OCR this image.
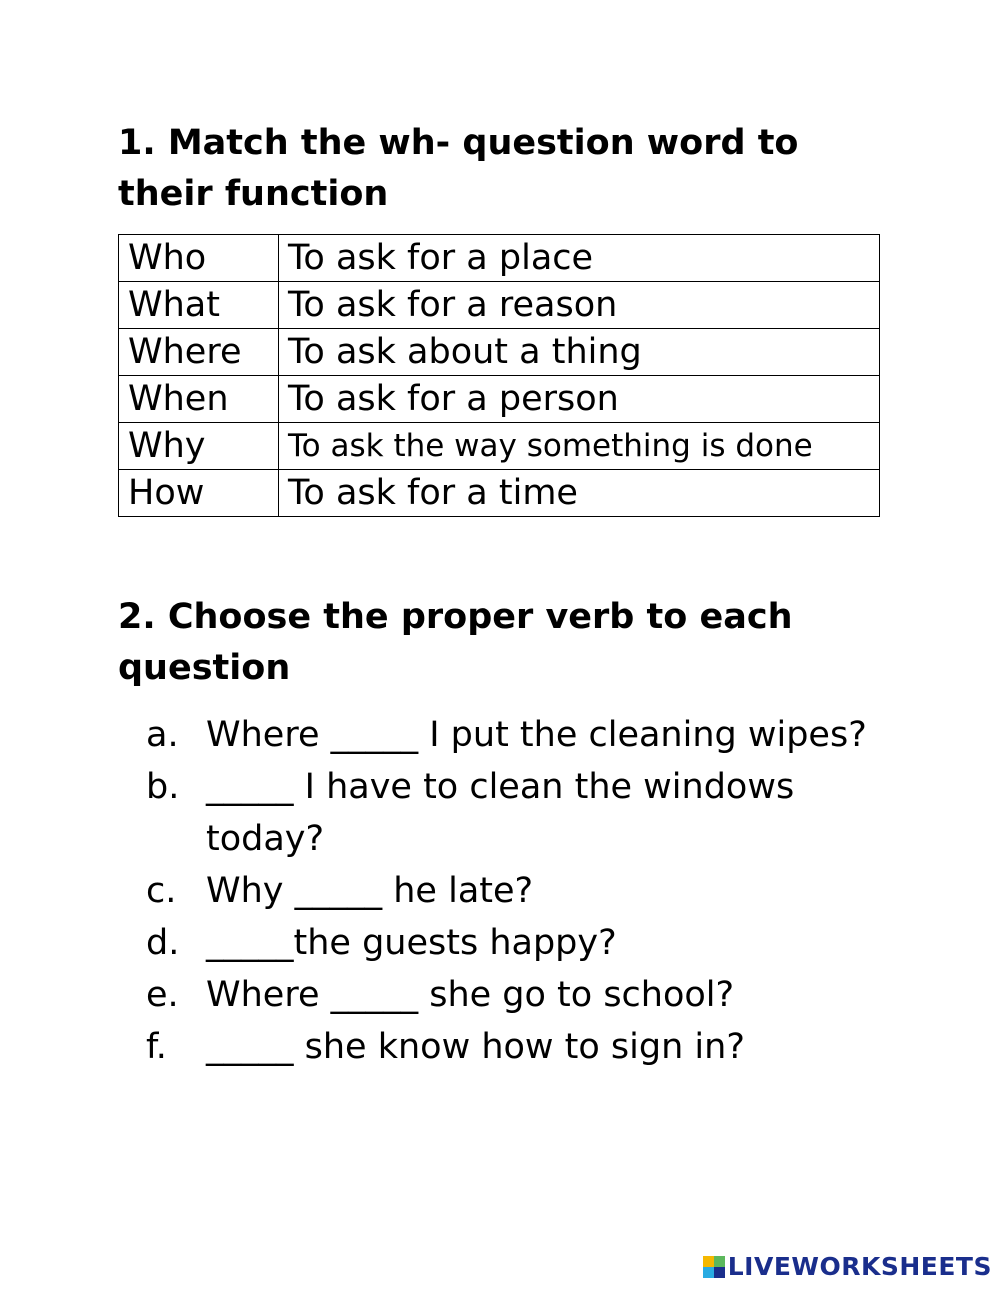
1. Match the wh- question word to their function
Who	To ask for a place
What	To ask for a reason
Where	To ask about a thing
When	To ask for a person
Why	To ask the way something is done
How	To ask for a time
2. Choose the proper verb to each question
a. Where _____ I put the cleaning wipes?
b. _____ I have to clean the windows today?
c. Why _____ he late?
d. _____the guests happy?
e. Where _____ she go to school?
f. _____ she know how to sign in?
LIVEWORKSHEETS
